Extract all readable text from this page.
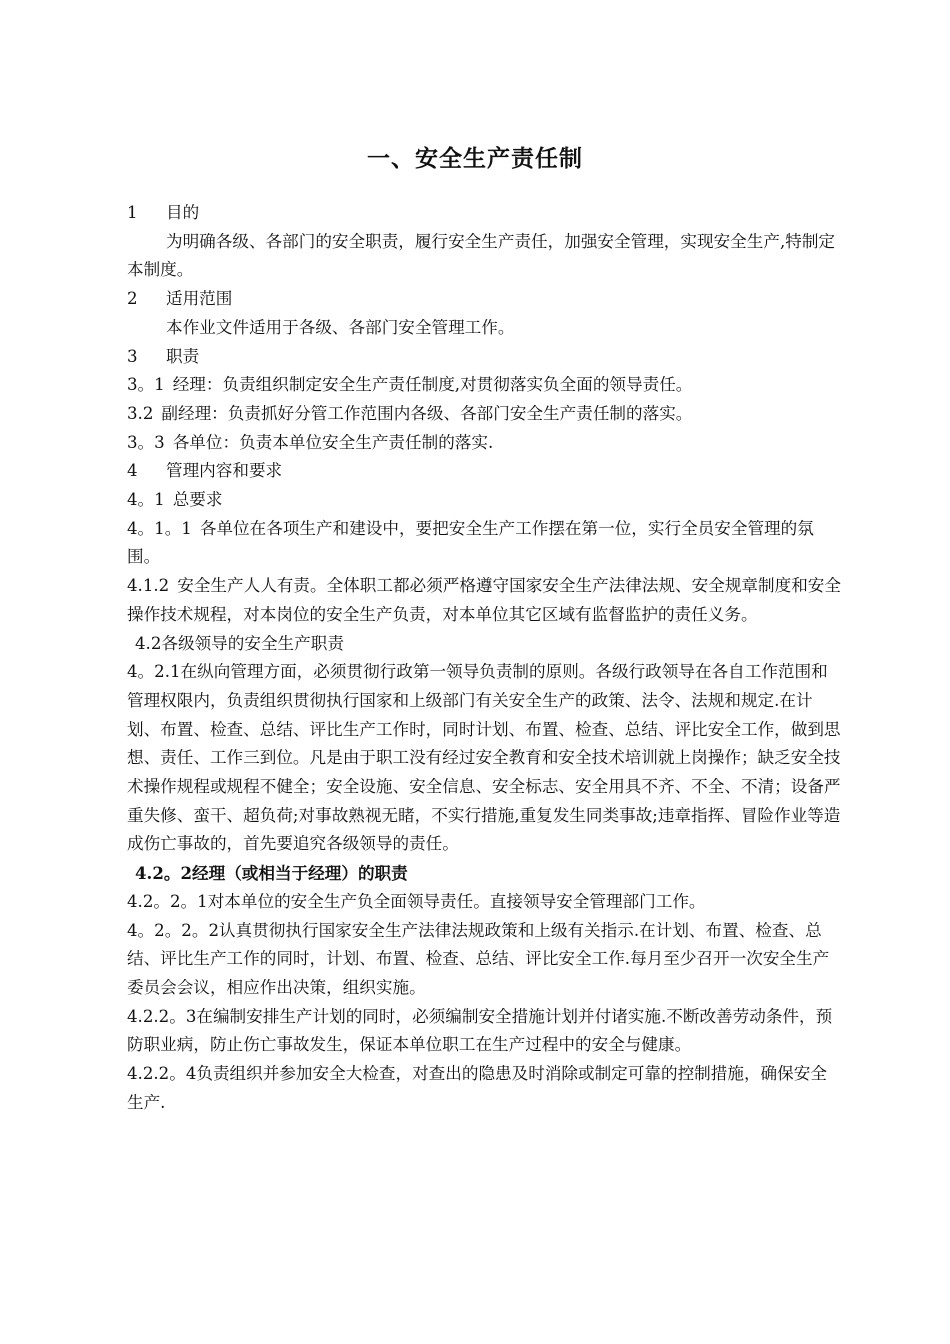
一、安全生产责任制

1 目的

为明确各级、各部门的安全职责，履行安全生产责任，加强安全管理，实现安全生产,特制定本制度。

2 适用范围

本作业文件适用于各级、各部门安全管理工作。

3 职责

3。1 经理：负责组织制定安全生产责任制度,对贯彻落实负全面的领导责任。

3.2 副经理：负责抓好分管工作范围内各级、各部门安全生产责任制的落实。

3。3 各单位：负责本单位安全生产责任制的落实.

4 管理内容和要求

4。1 总要求

4。1。1 各单位在各项生产和建设中，要把安全生产工作摆在第一位，实行全员安全管理的氛围。

4.1.2 安全生产人人有责。全体职工都必须严格遵守国家安全生产法律法规、安全规章制度和安全操作技术规程，对本岗位的安全生产负责，对本单位其它区域有监督监护的责任义务。

4.2各级领导的安全生产职责

4。2.1在纵向管理方面，必须贯彻行政第一领导负责制的原则。各级行政领导在各自工作范围和管理权限内，负责组织贯彻执行国家和上级部门有关安全生产的政策、法令、法规和规定.在计划、布置、检查、总结、评比生产工作时，同时计划、布置、检查、总结、评比安全工作，做到思想、责任、工作三到位。凡是由于职工没有经过安全教育和安全技术培训就上岗操作；缺乏安全技术操作规程或规程不健全；安全设施、安全信息、安全标志、安全用具不齐、不全、不清；设备严重失修、蛮干、超负荷;对事故熟视无睹，不实行措施,重复发生同类事故;违章指挥、冒险作业等造成伤亡事故的，首先要追究各级领导的责任。

4.2。2经理（或相当于经理）的职责

4.2。2。1对本单位的安全生产负全面领导责任。直接领导安全管理部门工作。

4。2。2。2认真贯彻执行国家安全生产法律法规政策和上级有关指示.在计划、布置、检查、总结、评比生产工作的同时，计划、布置、检查、总结、评比安全工作.每月至少召开一次安全生产委员会会议，相应作出决策，组织实施。

4.2.2。3在编制安排生产计划的同时，必须编制安全措施计划并付诸实施.不断改善劳动条件，预防职业病，防止伤亡事故发生，保证本单位职工在生产过程中的安全与健康。

4.2.2。4负责组织并参加安全大检查，对查出的隐患及时消除或制定可靠的控制措施，确保安全生产.
